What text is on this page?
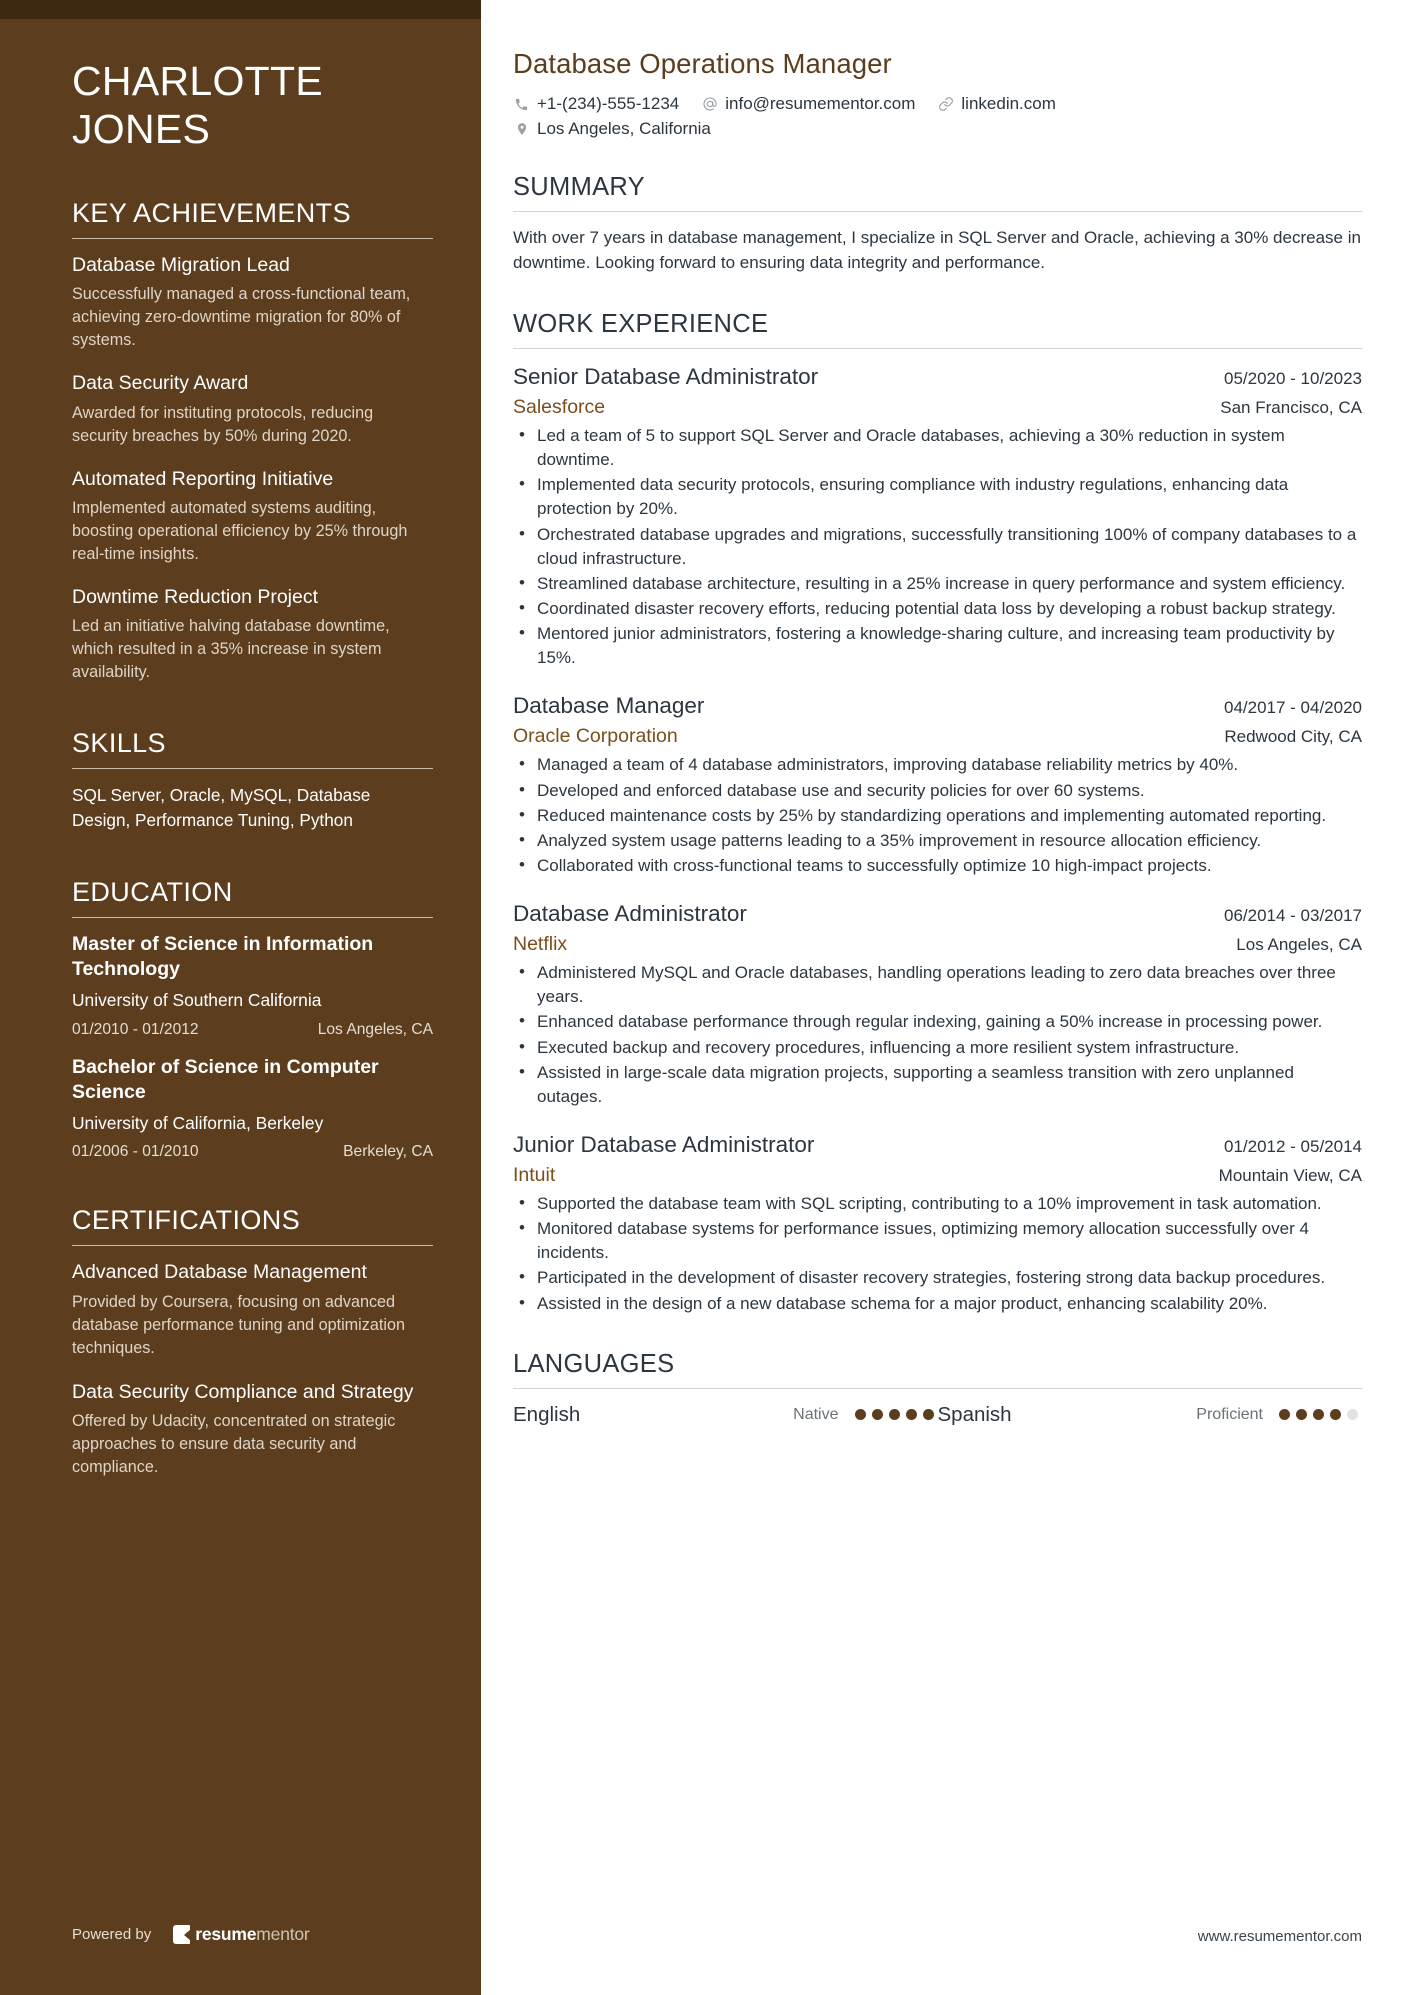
CHARLOTTE
JONES
KEY ACHIEVEMENTS
Database Migration Lead
Successfully managed a cross-functional team, achieving zero-downtime migration for 80% of systems.
Data Security Award
Awarded for instituting protocols, reducing security breaches by 50% during 2020.
Automated Reporting Initiative
Implemented automated systems auditing, boosting operational efficiency by 25% through real-time insights.
Downtime Reduction Project
Led an initiative halving database downtime, which resulted in a 35% increase in system availability.
SKILLS
SQL Server, Oracle, MySQL, Database Design, Performance Tuning, Python
EDUCATION
Master of Science in Information Technology
University of Southern California
01/2010 - 01/2012	Los Angeles, CA
Bachelor of Science in Computer Science
University of California, Berkeley
01/2006 - 01/2010	Berkeley, CA
CERTIFICATIONS
Advanced Database Management
Provided by Coursera, focusing on advanced database performance tuning and optimization techniques.
Data Security Compliance and Strategy
Offered by Udacity, concentrated on strategic approaches to ensure data security and compliance.
Powered by	resumementor
Database Operations Manager
+1-(234)-555-1234	info@resumementor.com	linkedin.com
Los Angeles, California
SUMMARY

With over 7 years in database management, I specialize in SQL Server and Oracle, achieving a 30% decrease in downtime. Looking forward to ensuring data integrity and performance.

WORK EXPERIENCE
Senior Database Administrator	05/2020 - 10/2023
Salesforce	San Francisco, CA
• Led a team of 5 to support SQL Server and Oracle databases, achieving a 30% reduction in system downtime.
• Implemented data security protocols, ensuring compliance with industry regulations, enhancing data protection by 20%.
• Orchestrated database upgrades and migrations, successfully transitioning 100% of company databases to a cloud infrastructure.
• Streamlined database architecture, resulting in a 25% increase in query performance and system efficiency.
• Coordinated disaster recovery efforts, reducing potential data loss by developing a robust backup strategy.
• Mentored junior administrators, fostering a knowledge-sharing culture, and increasing team productivity by 15%.
Database Manager	04/2017 - 04/2020
Oracle Corporation	Redwood City, CA
• Managed a team of 4 database administrators, improving database reliability metrics by 40%.
• Developed and enforced database use and security policies for over 60 systems.
• Reduced maintenance costs by 25% by standardizing operations and implementing automated reporting.
• Analyzed system usage patterns leading to a 35% improvement in resource allocation efficiency.
• Collaborated with cross-functional teams to successfully optimize 10 high-impact projects.
Database Administrator	06/2014 - 03/2017
Netflix	Los Angeles, CA
• Administered MySQL and Oracle databases, handling operations leading to zero data breaches over three years.
• Enhanced database performance through regular indexing, gaining a 50% increase in processing power.
• Executed backup and recovery procedures, influencing a more resilient system infrastructure.
• Assisted in large-scale data migration projects, supporting a seamless transition with zero unplanned outages.
Junior Database Administrator	01/2012 - 05/2014
Intuit	Mountain View, CA
• Supported the database team with SQL scripting, contributing to a 10% improvement in task automation.
• Monitored database systems for performance issues, optimizing memory allocation successfully over 4 incidents.
• Participated in the development of disaster recovery strategies, fostering strong data backup procedures.
• Assisted in the design of a new database schema for a major product, enhancing scalability 20%.
LANGUAGES
English	Native	Spanish	Proficient
www.resumementor.com
